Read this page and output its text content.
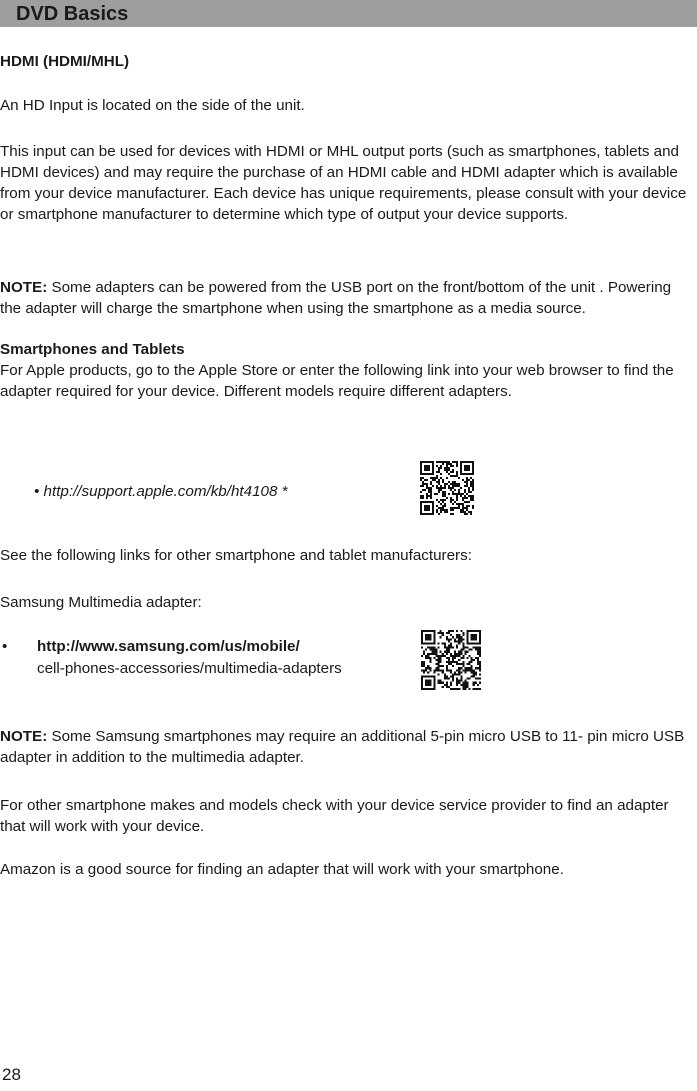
DVD Basics

HDMI (HDMI/MHL)

An HD Input is located on the side of the unit.

This input can be used for devices with HDMI or MHL output ports (such as smartphones, tablets and HDMI devices) and may require the purchase of an HDMI cable and HDMI adapter which is available from your device manufacturer. Each device has unique requirements, please consult with your device or smartphone manufacturer to determine which type of output your device supports.

NOTE: Some adapters can be powered from the USB port on the front/bottom of the unit . Powering the adapter will charge the smartphone when using the smartphone as a media source.

Smartphones and Tablets

For Apple products, go to the Apple Store or enter the following link into your web browser to find the adapter required for your device. Different models require different adapters.

• http://support.apple.com/kb/ht4108 *

See the following links for other smartphone and tablet manufacturers:

Samsung Multimedia adapter:

• http://www.samsung.com/us/mobile/

cell-phones-accessories/multimedia-adapters

NOTE: Some Samsung smartphones may require an additional 5-pin micro USB to 11- pin micro USB adapter in addition to the multimedia adapter.

For other smartphone makes and models check with your device service provider to find an adapter that will work with your device.

Amazon is a good source for finding an adapter that will work with your smartphone.

28
